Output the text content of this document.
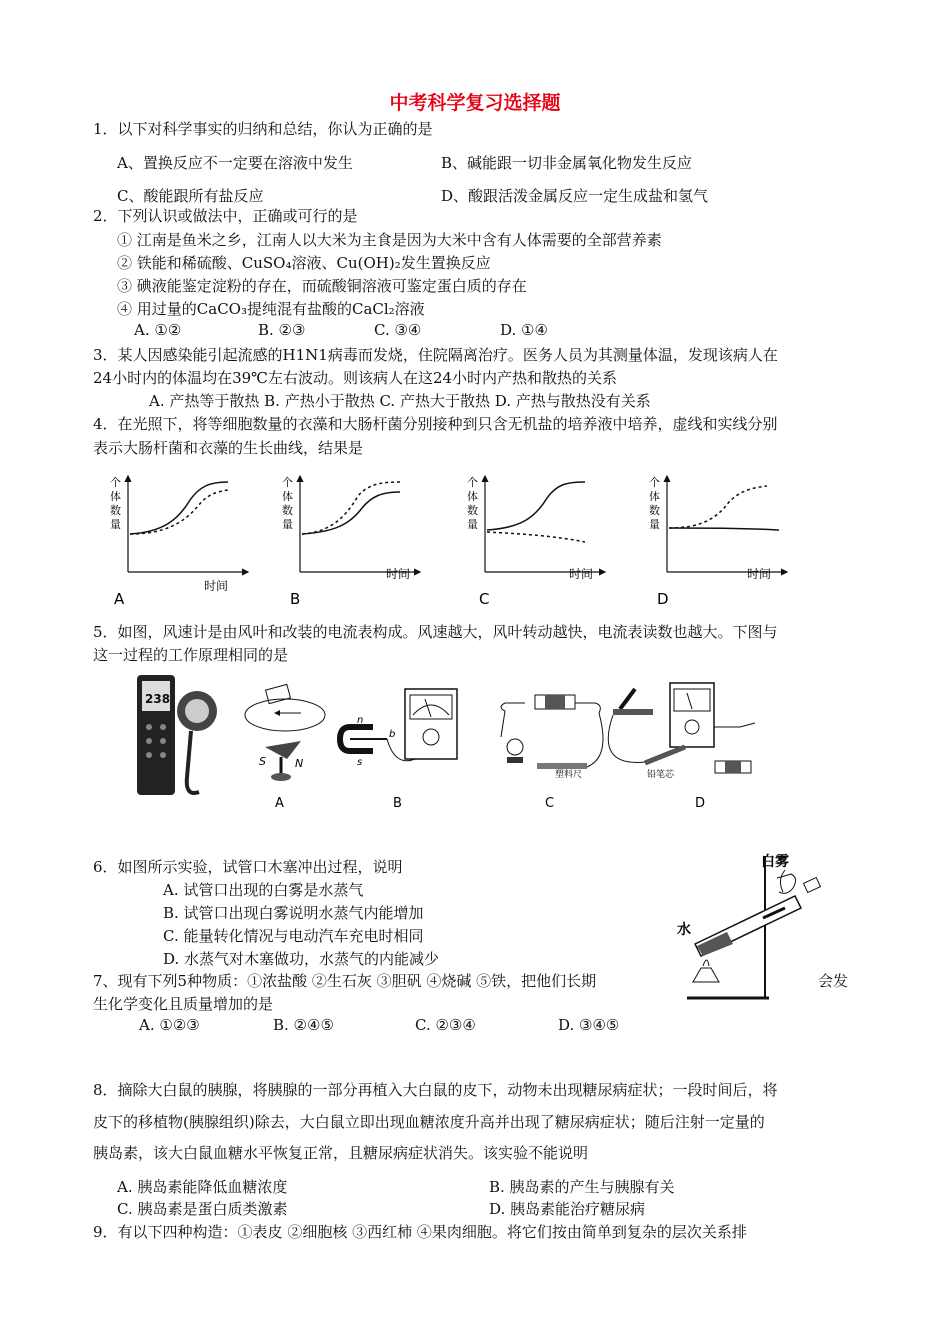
中考科学复习选择题
1．以下对科学事实的归纳和总结，你认为正确的是
A、置换反应不一定要在溶液中发生	B、碱能跟一切非金属氧化物发生反应
C、酸能跟所有盐反应	D、酸跟活泼金属反应一定生成盐和氢气
2．下列认识或做法中，正确或可行的是
① 江南是鱼米之乡，江南人以大米为主食是因为大米中含有人体需要的全部营养素
② 铁能和稀硫酸、CuSO₄溶液、Cu(OH)₂发生置换反应
③ 碘液能鉴定淀粉的存在，而硫酸铜溶液可鉴定蛋白质的存在
④ 用过量的CaCO₃提纯混有盐酸的CaCl₂溶液
A. ①②	B. ②③	C. ③④	D. ①④
3．某人因感染能引起流感的H1N1病毒而发烧，住院隔离治疗。医务人员为其测量体温，发现该病人在
24小时内的体温均在39℃左右波动。则该病人在这24小时内产热和散热的关系
A. 产热等于散热 B. 产热小于散热 C. 产热大于散热 D. 产热与散热没有关系
4．在光照下，将等细胞数量的衣藻和大肠杆菌分别接种到只含无机盐的培养液中培养，虚线和实线分别
表示大肠杆菌和衣藻的生长曲线，结果是
个
体
数
量
时间
A
个
体
数
量
时间
B
个
体
数
量
时间
C
个
体
数
量
时间
D
5．如图，风速计是由风叶和改装的电流表构成。风速越大，风叶转动越快，电流表读数也越大。下图与
这一过程的工作原理相同的是
238
S	N
A
n
s
b
B
塑料尺
C
铅笔芯
D
6．如图所示实验，试管口木塞冲出过程，说明
A. 试管口出现的白雾是水蒸气
B. 试管口出现白雾说明水蒸气内能增加
C. 能量转化情况与电动汽车充电时相同
D. 水蒸气对木塞做功，水蒸气的内能减少
白雾
水
7、现有下列5种物质：①浓盐酸 ②生石灰 ③胆矾 ④烧碱 ⑤铁，把他们长期	会发
生化学变化且质量增加的是
A. ①②③	B. ②④⑤	C. ②③④	D. ③④⑤
8．摘除大白鼠的胰腺，将胰腺的一部分再植入大白鼠的皮下，动物未出现糖尿病症状；一段时间后，将
皮下的移植物(胰腺组织)除去，大白鼠立即出现血糖浓度升高并出现了糖尿病症状；随后注射一定量的
胰岛素，该大白鼠血糖水平恢复正常，且糖尿病症状消失。该实验不能说明
A. 胰岛素能降低血糖浓度	B. 胰岛素的产生与胰腺有关
C. 胰岛素是蛋白质类激素	D. 胰岛素能治疗糖尿病
9．有以下四种构造：①表皮 ②细胞核 ③西红柿 ④果肉细胞。将它们按由简单到复杂的层次关系排
